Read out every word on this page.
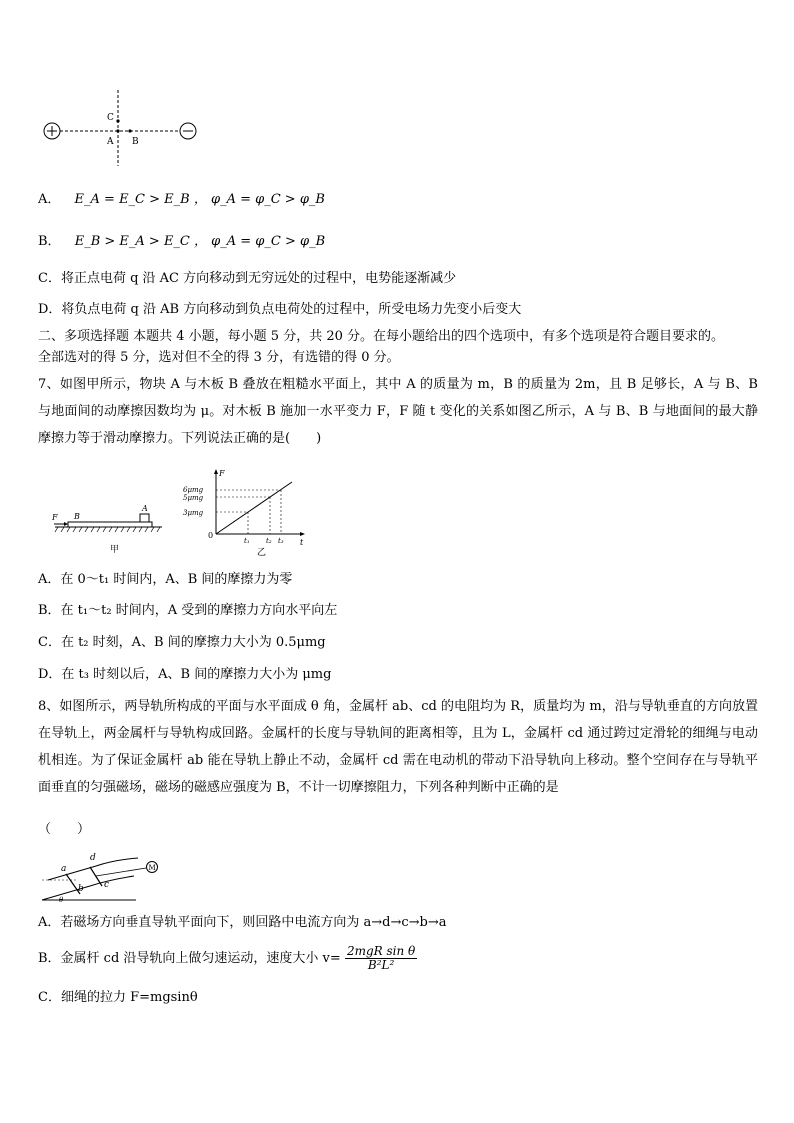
C
A B
A． E_A = E_C > E_B ， φ_A = φ_C > φ_B
B． E_B > E_A > E_C ， φ_A = φ_C > φ_B
C．将正点电荷 q 沿 AC 方向移动到无穷远处的过程中，电势能逐渐减少
D．将负点电荷 q 沿 AB 方向移动到负点电荷处的过程中，所受电场力先变小后变大
二、多项选择题 本题共 4 小题，每小题 5 分，共 20 分。在每小题给出的四个选项中，有多个选项是符合题目要求的。
全部选对的得 5 分，选对但不全的得 3 分，有选错的得 0 分。
7、如图甲所示，物块 A 与木板 B 叠放在粗糙水平面上，其中 A 的质量为 m，B 的质量为 2m，且 B 足够长，A 与 B、B 与地面间的动摩擦因数均为 μ。对木板 B 施加一水平变力 F，F 随 t 变化的关系如图乙所示，A 与 B、B 与地面间的最大静摩擦力等于滑动摩擦力。下列说法正确的是(　　)
F B
A
甲
F
t
0
6μmg
5μmg
3μmg
t₁ t₂ t₃
乙
A．在 0～t₁ 时间内，A、B 间的摩擦力为零
B．在 t₁～t₂ 时间内，A 受到的摩擦力方向水平向左
C．在 t₂ 时刻，A、B 间的摩擦力大小为 0.5μmg
D．在 t₃ 时刻以后，A、B 间的摩擦力大小为 μmg
8、如图所示，两导轨所构成的平面与水平面成 θ 角，金属杆 ab、cd 的电阻均为 R，质量均为 m，沿与导轨垂直的方向放置在导轨上，两金属杆与导轨构成回路。金属杆的长度与导轨间的距离相等，且为 L，金属杆 cd 通过跨过定滑轮的细绳与电动机相连。为了保证金属杆 ab 能在导轨上静止不动，金属杆 cd 需在电动机的带动下沿导轨向上移动。整个空间存在与导轨平面垂直的匀强磁场，磁场的磁感应强度为 B，不计一切摩擦阻力，下列各种判断中正确的是
（　　）
M
a
b c
d
θ
A．若磁场方向垂直导轨平面向下，则回路中电流方向为 a→d→c→b→a
B．金属杆 cd 沿导轨向上做匀速运动，速度大小 $v= \frac{\text{2mgR sin θ}}{\text{B²L²}}$
C．细绳的拉力 F=mgsinθ
